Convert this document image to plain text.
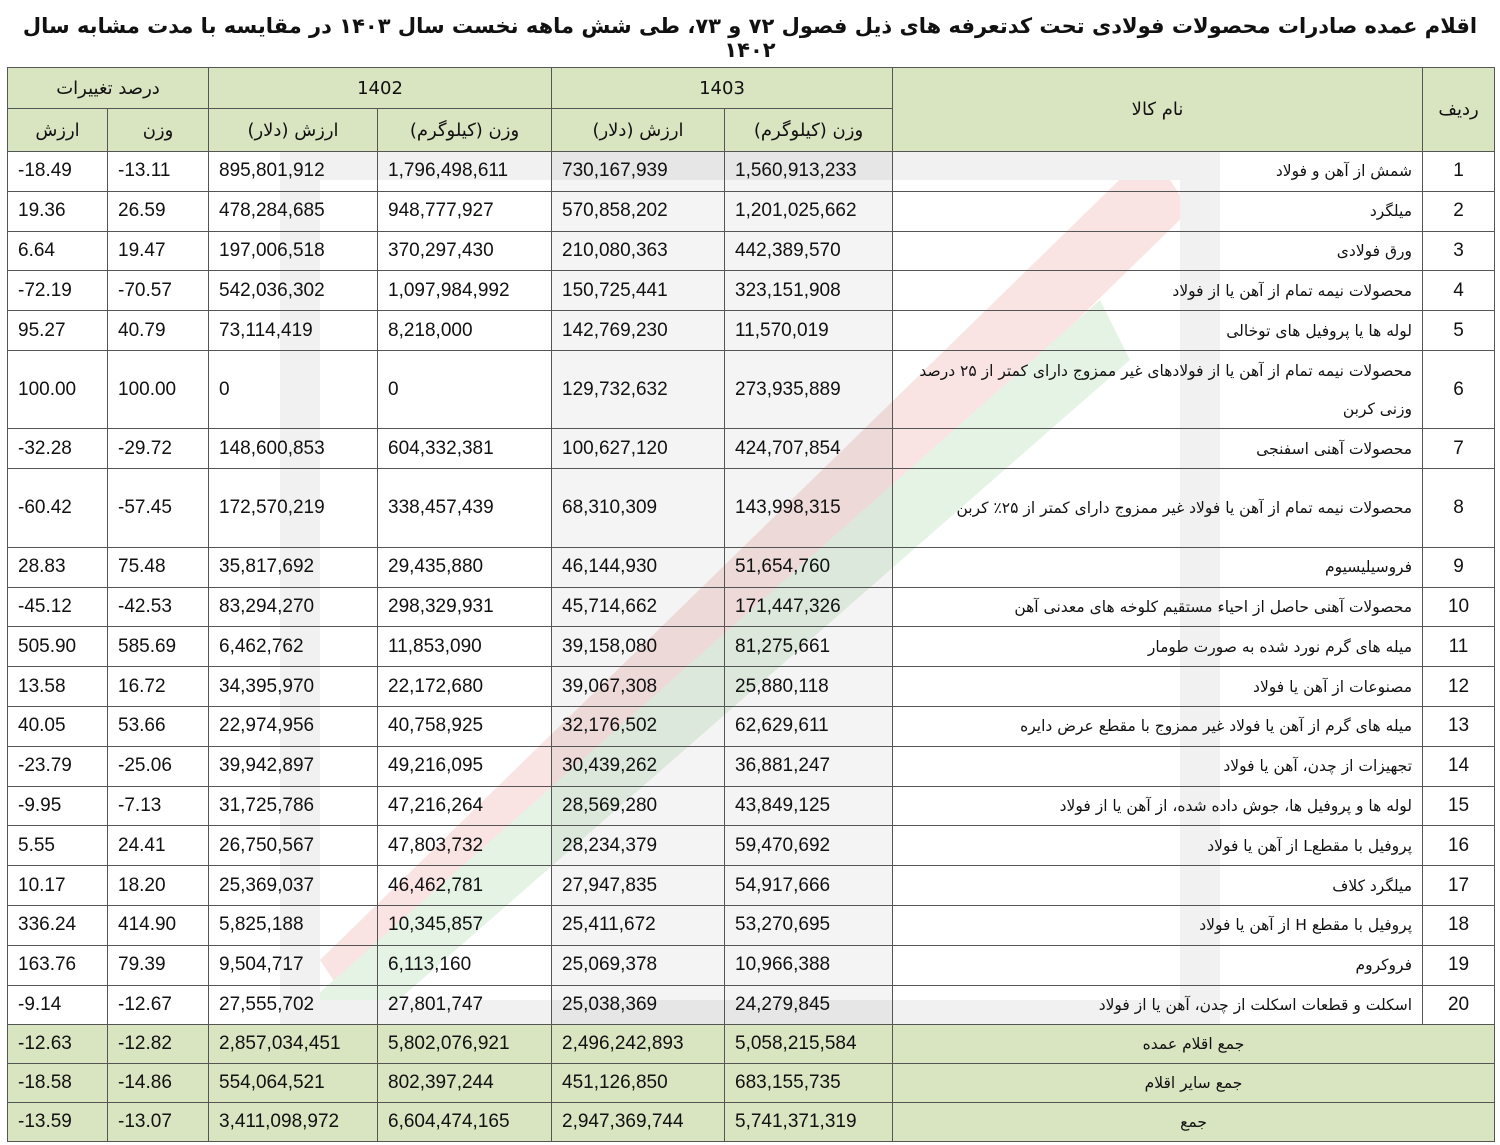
اقلام عمده صادرات محصولات فولادی تحت کدتعرفه های ذیل فصول ۷۲ و ۷۳، طی شش ماهه نخست سال ۱۴۰۳ در مقایسه با مدت مشابه سال ۱۴۰۲
ردیف	نام کالا	1403		1402		درصد تغییرات	
		وزن (کیلوگرم)	ارزش (دلار)	وزن (کیلوگرم)	ارزش (دلار)	وزن	ارزش
1	شمش از آهن و فولاد	1,560,913,233	730,167,939	1,796,498,611	895,801,912	-13.11	-18.49
2	میلگرد	1,201,025,662	570,858,202	948,777,927	478,284,685	26.59	19.36
3	ورق فولادی	442,389,570	210,080,363	370,297,430	197,006,518	19.47	6.64
4	محصولات نیمه تمام از آهن یا از فولاد	323,151,908	150,725,441	1,097,984,992	542,036,302	-70.57	-72.19
5	لوله ها یا پروفیل های توخالی	11,570,019	142,769,230	8,218,000	73,114,419	40.79	95.27
6	محصولات نیمه تمام از آهن یا از فولادهای غیر ممزوج دارای کمتر از ۲۵ درصد وزنی کربن	273,935,889	129,732,632	0	0	100.00	100.00
7	محصولات آهنی اسفنجی	424,707,854	100,627,120	604,332,381	148,600,853	-29.72	-32.28
8	محصولات نیمه تمام از آهن یا فولاد غیر ممزوج دارای کمتر از ۲۵٪ کربن	143,998,315	68,310,309	338,457,439	172,570,219	-57.45	-60.42
9	فروسیلیسیوم	51,654,760	46,144,930	29,435,880	35,817,692	75.48	28.83
10	محصولات آهنی حاصل از احیاء مستقیم کلوخه های معدنی آهن	171,447,326	45,714,662	298,329,931	83,294,270	-42.53	-45.12
11	میله های گرم نورد شده به صورت طومار	81,275,661	39,158,080	11,853,090	6,462,762	585.69	505.90
12	مصنوعات از آهن یا فولاد	25,880,118	39,067,308	22,172,680	34,395,970	16.72	13.58
13	میله های گرم از آهن یا فولاد غیر ممزوج با مقطع عرض دایره	62,629,611	32,176,502	40,758,925	22,974,956	53.66	40.05
14	تجهیزات از چدن، آهن یا فولاد	36,881,247	30,439,262	49,216,095	39,942,897	-25.06	-23.79
15	لوله ها و پروفیل ها، جوش داده شده، از آهن یا از فولاد	43,849,125	28,569,280	47,216,264	31,725,786	-7.13	-9.95
16	پروفیل با مقطعL از آهن یا فولاد	59,470,692	28,234,379	47,803,732	26,750,567	24.41	5.55
17	میلگرد کلاف	54,917,666	27,947,835	46,462,781	25,369,037	18.20	10.17
18	پروفیل با مقطع H از آهن یا فولاد	53,270,695	25,411,672	10,345,857	5,825,188	414.90	336.24
19	فروکروم	10,966,388	25,069,378	6,113,160	9,504,717	79.39	163.76
20	اسکلت و قطعات اسکلت از چدن، آهن یا از فولاد	24,279,845	25,038,369	27,801,747	27,555,702	-12.67	-9.14
جمع اقلام عمده		5,058,215,584	2,496,242,893	5,802,076,921	2,857,034,451	-12.82	-12.63
جمع سایر اقلام		683,155,735	451,126,850	802,397,244	554,064,521	-14.86	-18.58
جمع		5,741,371,319	2,947,369,744	6,604,474,165	3,411,098,972	-13.07	-13.59
